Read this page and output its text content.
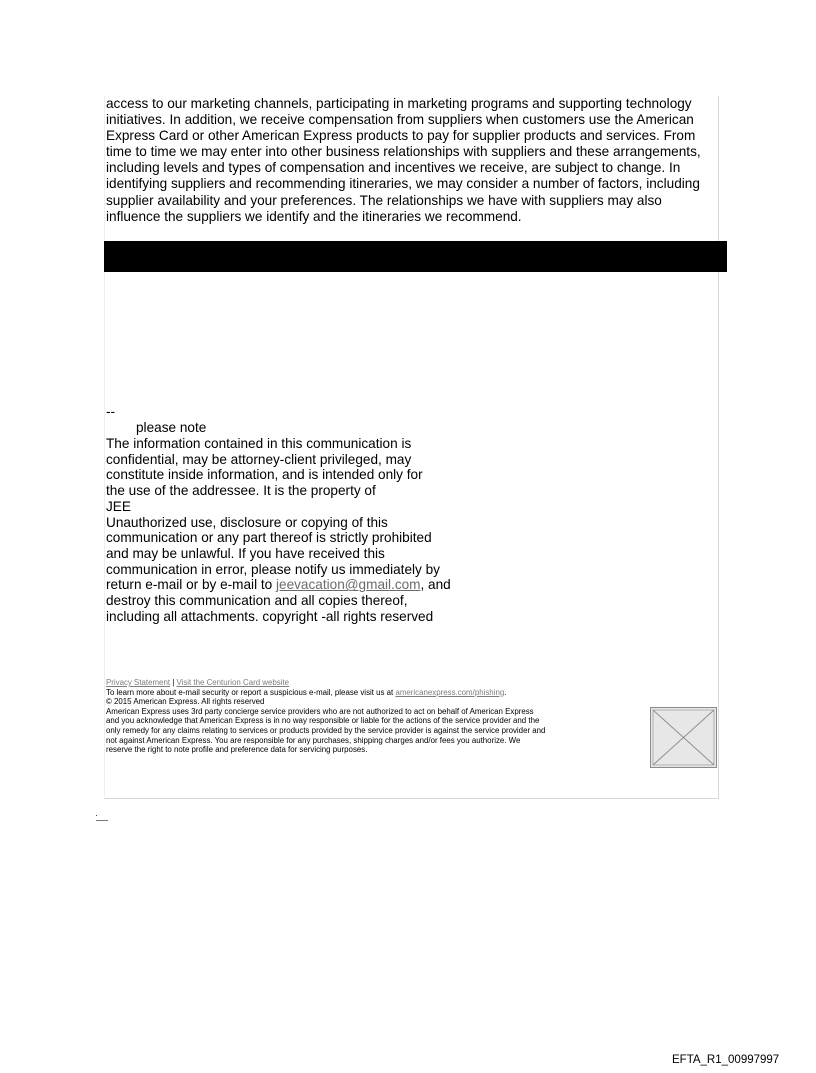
access to our marketing channels, participating in marketing programs and supporting technology initiatives. In addition, we receive compensation from suppliers when customers use the American Express Card or other American Express products to pay for supplier products and services. From time to time we may enter into other business relationships with suppliers and these arrangements, including levels and types of compensation and incentives we receive, are subject to change. In identifying suppliers and recommending itineraries, we may consider a number of factors, including supplier availability and your preferences. The relationships we have with suppliers may also influence the suppliers we identify and the itineraries we recommend.

--
please note
The information contained in this communication is
confidential, may be attorney-client privileged, may
constitute inside information, and is intended only for
the use of the addressee. It is the property of
JEE
Unauthorized use, disclosure or copying of this
communication or any part thereof is strictly prohibited
and may be unlawful. If you have received this
communication in error, please notify us immediately by
return e-mail or by e-mail to jeevacation@gmail.com, and
destroy this communication and all copies thereof,
including all attachments. copyright -all rights reserved
Privacy Statement | Visit the Centurion Card website
To learn more about e-mail security or report a suspicious e-mail, please visit us at americanexpress.com/phishing.
© 2015 American Express. All rights reserved
American Express uses 3rd party concierge service providers who are not authorized to act on behalf of American Express
and you acknowledge that American Express is in no way responsible or liable for the actions of the service provider and the
only remedy for any claims relating to services or products provided by the service provider is against the service provider and
not against American Express. You are responsible for any purchases, shipping charges and/or fees you authorize. We
reserve the right to note profile and preference data for servicing purposes.
EFTA_R1_00997997
